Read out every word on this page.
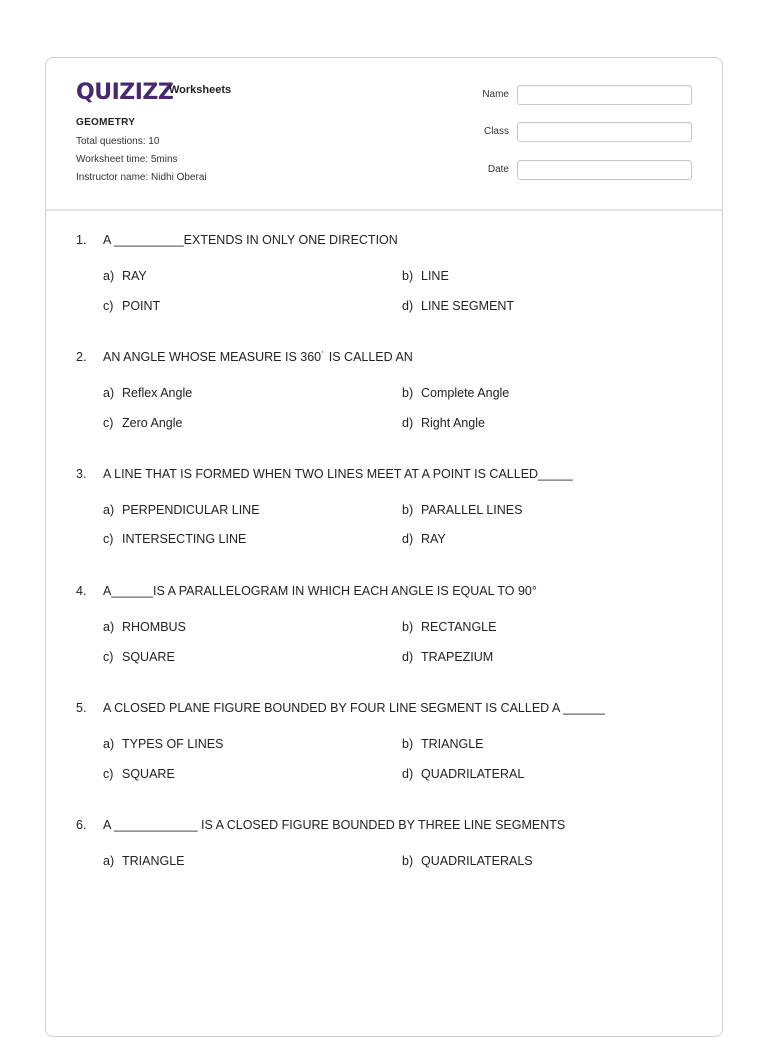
QUIZIZZ
Worksheets
GEOMETRY
Total questions: 10
Worksheet time: 5mins
Instructor name: Nidhi Oberai
Name
Class
Date
1. A __________EXTENDS IN ONLY ONE DIRECTION
a) RAY	b) LINE
c) POINT	d) LINE SEGMENT
2. AN ANGLE WHOSE MEASURE IS 360˙ IS CALLED AN
a) Reflex Angle	b) Complete Angle
c) Zero Angle	d) Right Angle
3. A LINE THAT IS FORMED WHEN TWO LINES MEET AT A POINT IS CALLED_____
a) PERPENDICULAR LINE	b) PARALLEL LINES
c) INTERSECTING LINE	d) RAY
4. A______IS A PARALLELOGRAM IN WHICH EACH ANGLE IS EQUAL TO 90°
a) RHOMBUS	b) RECTANGLE
c) SQUARE	d) TRAPEZIUM
5. A CLOSED PLANE FIGURE BOUNDED BY FOUR LINE SEGMENT IS CALLED A ______
a) TYPES OF LINES	b) TRIANGLE
c) SQUARE	d) QUADRILATERAL
6. A ____________ IS A CLOSED FIGURE BOUNDED BY THREE LINE SEGMENTS
a) TRIANGLE	b) QUADRILATERALS
